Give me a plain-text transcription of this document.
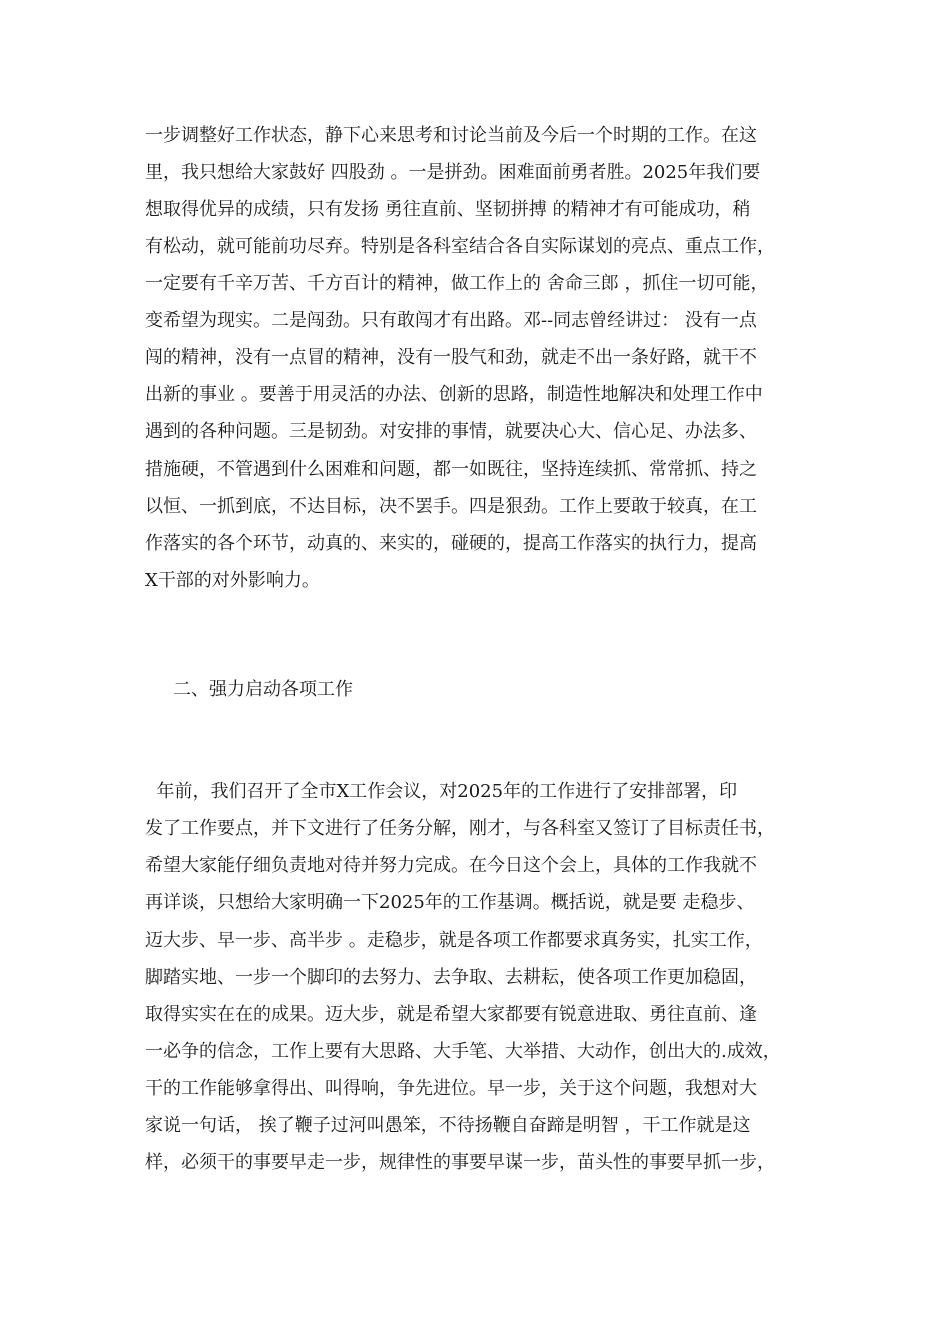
一步调整好工作状态，静下心来思考和讨论当前及今后一个时期的工作。在这

里，我只想给大家鼓好 四股劲 。一是拼劲。困难面前勇者胜。2025年我们要

想取得优异的成绩，只有发扬 勇往直前、坚韧拼搏 的精神才有可能成功，稍

有松动，就可能前功尽弃。特别是各科室结合各自实际谋划的亮点、重点工作，

一定要有千辛万苦、千方百计的精神，做工作上的 舍命三郎 ，抓住一切可能，

变希望为现实。二是闯劲。只有敢闯才有出路。邓--同志曾经讲过： 没有一点

闯的精神，没有一点冒的精神，没有一股气和劲，就走不出一条好路，就干不

出新的事业 。要善于用灵活的办法、创新的思路，制造性地解决和处理工作中

遇到的各种问题。三是韧劲。对安排的事情，就要决心大、信心足、办法多、

措施硬，不管遇到什么困难和问题，都一如既往，坚持连续抓、常常抓、持之

以恒、一抓到底，不达目标，决不罢手。四是狠劲。工作上要敢于较真，在工

作落实的各个环节，动真的、来实的，碰硬的，提高工作落实的执行力，提高

X干部的对外影响力。

二、强力启动各项工作

年前，我们召开了全市X工作会议，对2025年的工作进行了安排部署，印

发了工作要点，并下文进行了任务分解，刚才，与各科室又签订了目标责任书，

希望大家能仔细负责地对待并努力完成。在今日这个会上，具体的工作我就不

再详谈，只想给大家明确一下2025年的工作基调。概括说，就是要 走稳步、

迈大步、早一步、高半步 。走稳步，就是各项工作都要求真务实，扎实工作，

脚踏实地、一步一个脚印的去努力、去争取、去耕耘，使各项工作更加稳固，

取得实实在在的成果。迈大步，就是希望大家都要有锐意进取、勇往直前、逢

一必争的信念，工作上要有大思路、大手笔、大举措、大动作，创出大的.成效，

干的工作能够拿得出、叫得响，争先进位。早一步，关于这个问题，我想对大

家说一句话， 挨了鞭子过河叫愚笨，不待扬鞭自奋蹄是明智 ，干工作就是这

样，必须干的事要早走一步，规律性的事要早谋一步，苗头性的事要早抓一步，
